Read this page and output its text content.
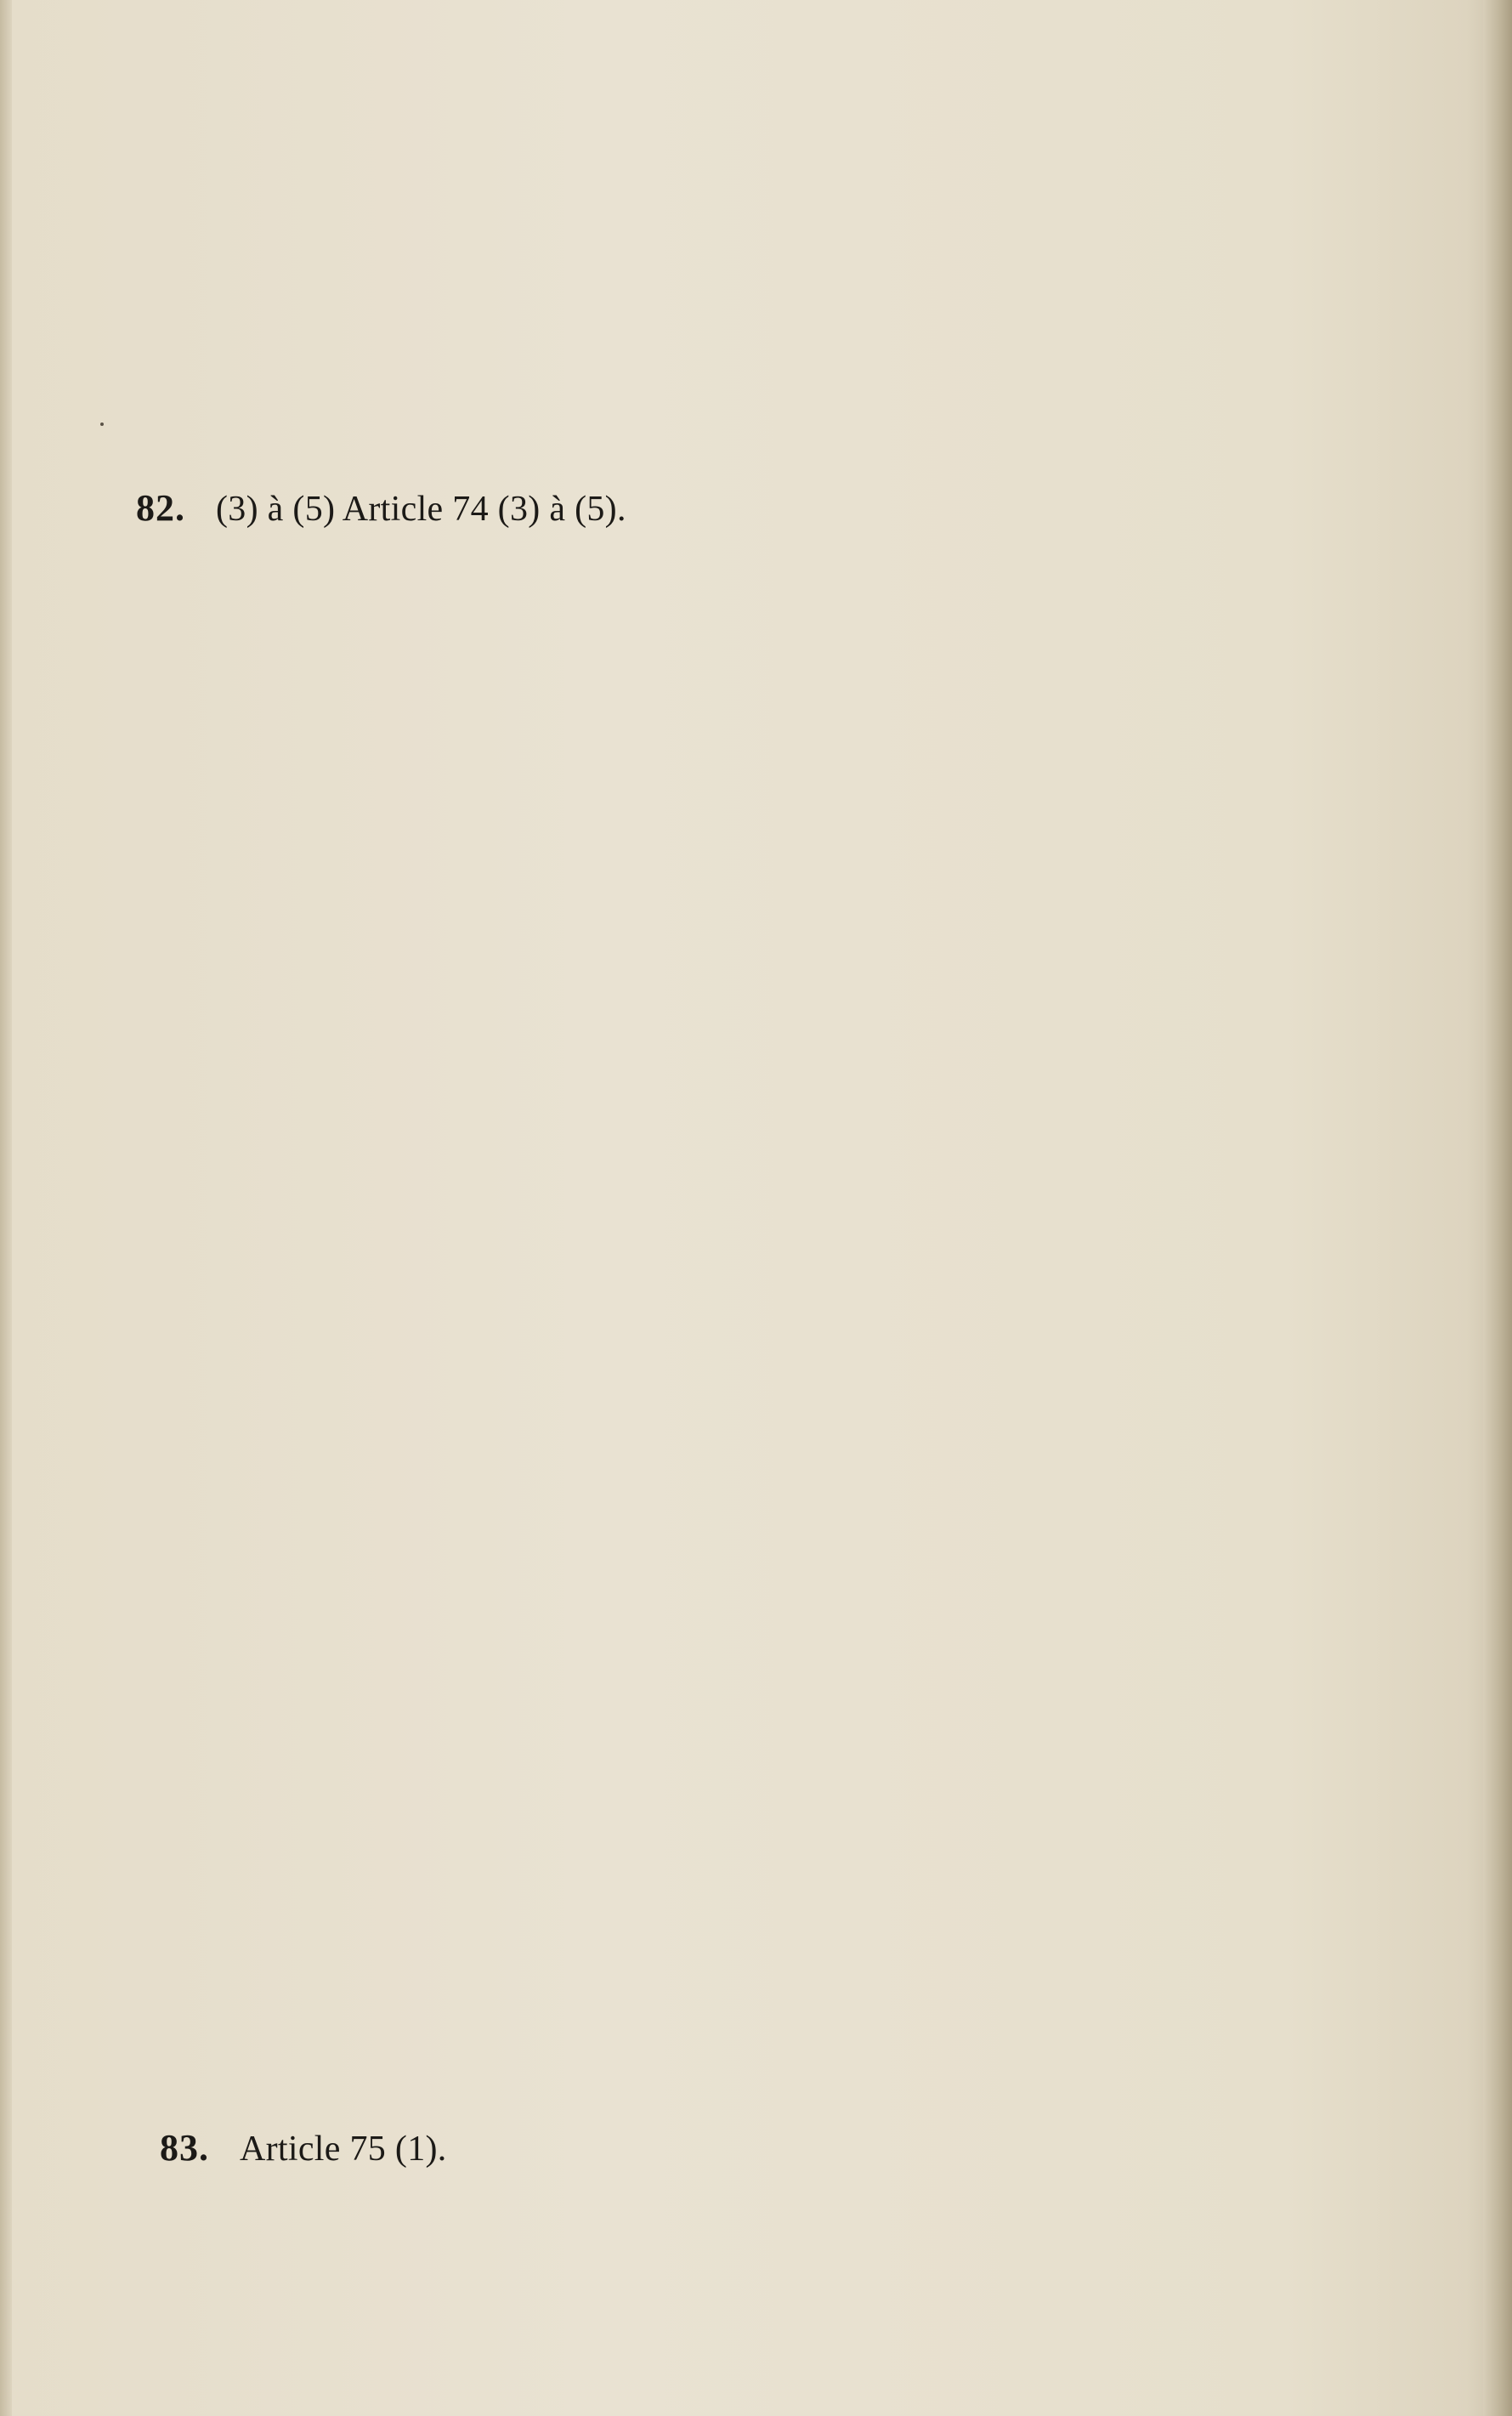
82. (3) à (5) Article 74 (3) à (5).
83. Article 75 (1).
